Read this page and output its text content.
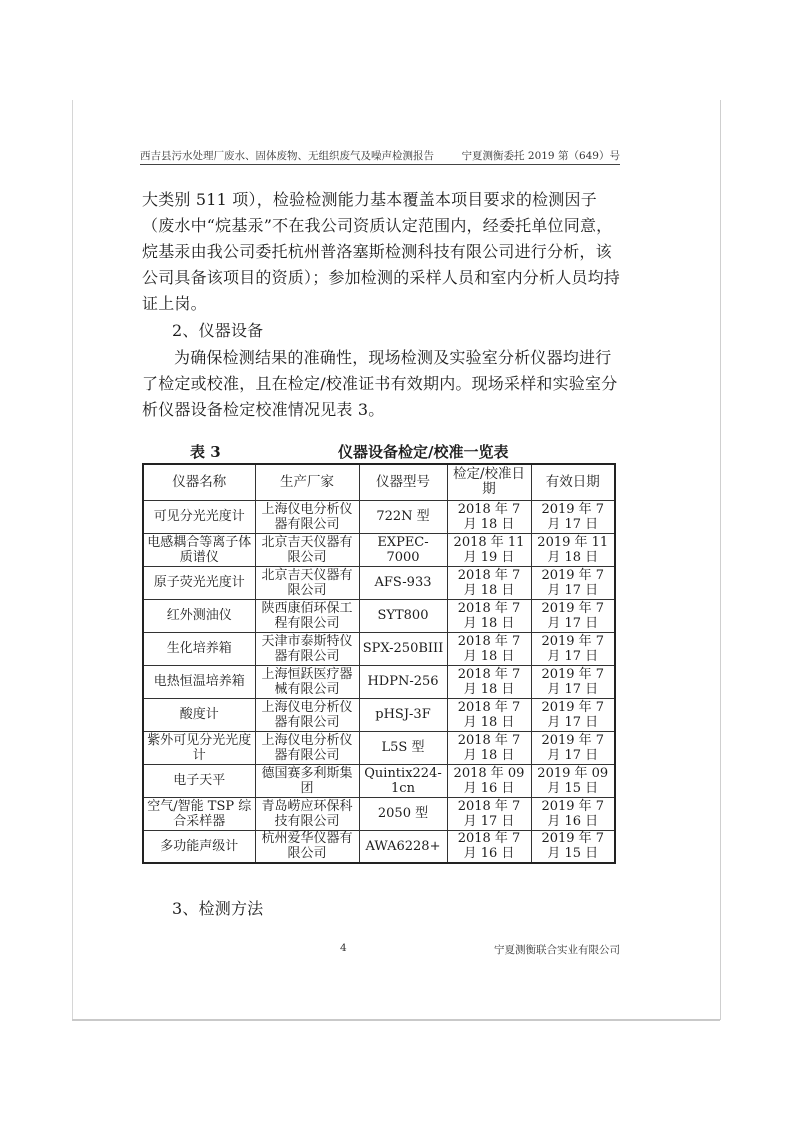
西吉县污水处理厂废水、固体废物、无组织废气及噪声检测报告	宁夏测衡委托 2019 第（649）号
大类别 511 项），检验检测能力基本覆盖本项目要求的检测因子（废水中“烷基汞”不在我公司资质认定范围内，经委托单位同意，烷基汞由我公司委托杭州普洛塞斯检测科技有限公司进行分析，该公司具备该项目的资质）；参加检测的采样人员和室内分析人员均持证上岗。
2、仪器设备
为确保检测结果的准确性，现场检测及实验室分析仪器均进行了检定或校准，且在检定/校准证书有效期内。现场采样和实验室分析仪器设备检定校准情况见表 3。
表 3	仪器设备检定/校准一览表
仪器名称	生产厂家	仪器型号	检定/校准日期	有效日期
可见分光光度计	上海仪电分析仪器有限公司	722N 型	2018 年 7 月 18 日	2019 年 7 月 17 日
电感耦合等离子体质谱仪	北京吉天仪器有限公司	EXPEC-7000	2018 年 11 月 19 日	2019 年 11 月 18 日
原子荧光光度计	北京吉天仪器有限公司	AFS-933	2018 年 7 月 18 日	2019 年 7 月 17 日
红外测油仪	陕西康佰环保工程有限公司	SYT800	2018 年 7 月 18 日	2019 年 7 月 17 日
生化培养箱	天津市泰斯特仪器有限公司	SPX-250BIII	2018 年 7 月 18 日	2019 年 7 月 17 日
电热恒温培养箱	上海恒跃医疗器械有限公司	HDPN-256	2018 年 7 月 18 日	2019 年 7 月 17 日
酸度计	上海仪电分析仪器有限公司	pHSJ-3F	2018 年 7 月 18 日	2019 年 7 月 17 日
紫外可见分光光度计	上海仪电分析仪器有限公司	L5S 型	2018 年 7 月 18 日	2019 年 7 月 17 日
电子天平	德国赛多利斯集团	Quintix224-1cn	2018 年 09 月 16 日	2019 年 09 月 15 日
空气/智能 TSP 综合采样器	青岛崂应环保科技有限公司	2050 型	2018 年 7 月 17 日	2019 年 7 月 16 日
多功能声级计	杭州爱华仪器有限公司	AWA6228+	2018 年 7 月 16 日	2019 年 7 月 15 日
3、检测方法
4	宁夏测衡联合实业有限公司
